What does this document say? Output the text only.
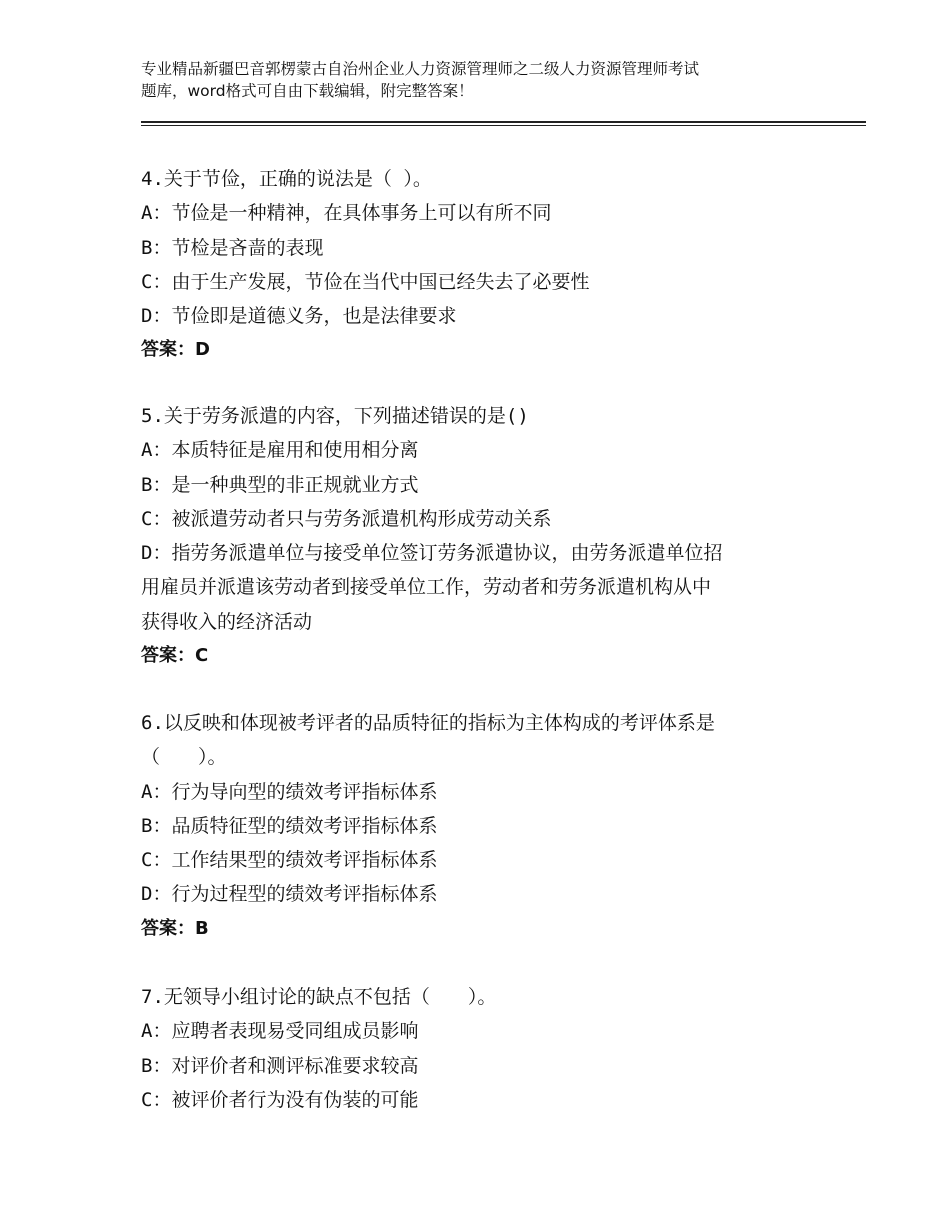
专业精品新疆巴音郭楞蒙古自治州企业人力资源管理师之二级人力资源管理师考试
题库，word格式可自由下载编辑，附完整答案！
4.关于节俭，正确的说法是（ ）。
A：节俭是一种精神，在具体事务上可以有所不同
B：节检是吝啬的表现
C：由于生产发展，节俭在当代中国已经失去了必要性
D：节俭即是道德义务，也是法律要求
答案：D
5.关于劳务派遣的内容，下列描述错误的是()
A：本质特征是雇用和使用相分离
B：是一种典型的非正规就业方式
C：被派遣劳动者只与劳务派遣机构形成劳动关系
D：指劳务派遣单位与接受单位签订劳务派遣协议，由劳务派遣单位招
用雇员并派遣该劳动者到接受单位工作，劳动者和劳务派遣机构从中
获得收入的经济活动
答案：C
6.以反映和体现被考评者的品质特征的指标为主体构成的考评体系是
（　　）。
A：行为导向型的绩效考评指标体系
B：品质特征型的绩效考评指标体系
C：工作结果型的绩效考评指标体系
D：行为过程型的绩效考评指标体系
答案：B
7.无领导小组讨论的缺点不包括（　　）。
A：应聘者表现易受同组成员影响
B：对评价者和测评标准要求较高
C：被评价者行为没有伪装的可能
